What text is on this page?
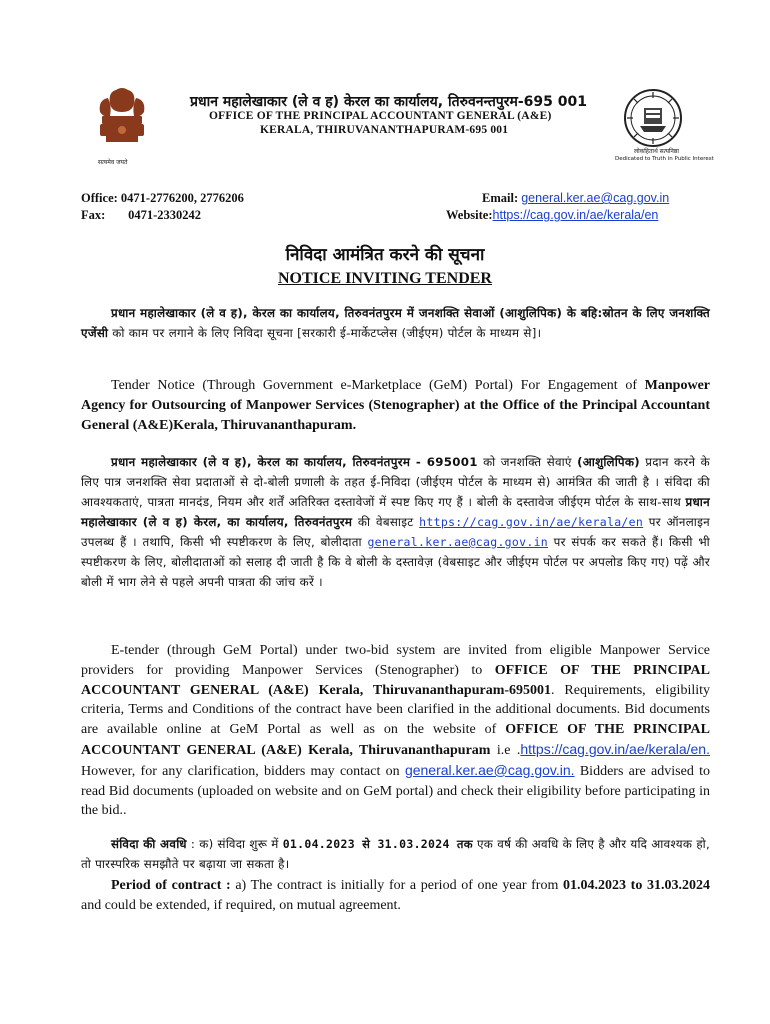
सत्यमेव जयते
लोकहितार्थ सत्यनिष्ठा
Dedicated to Truth in Public Interest
प्रधान महालेखाकार (ले व ह) केरल का कार्यालय, तिरुवनन्तपुरम-695 001
OFFICE OF THE PRINCIPAL ACCOUNTANT GENERAL (A&E)
KERALA, THIRUVANANTHAPURAM-695 001
Office: 0471-2776200, 2776206
Fax: 0471-2330242
Email: general.ker.ae@cag.gov.in
Website:https://cag.gov.in/ae/kerala/en
निविदा आमंत्रित करने की सूचना
NOTICE INVITING TENDER
प्रधान महालेखाकार (ले व ह), केरल का कार्यालय, तिरुवनंतपुरम में जनशक्ति सेवाओं (आशुलिपिक) के बहि:स्रोतन के लिए जनशक्ति एजेंसी को काम पर लगाने के लिए निविदा सूचना [सरकारी ई-मार्केटप्लेस (जीईएम) पोर्टल के माध्यम से]।
Tender Notice (Through Government e-Marketplace (GeM) Portal) For Engagement of Manpower Agency for Outsourcing of Manpower Services (Stenographer) at the Office of the Principal Accountant General (A&E)Kerala, Thiruvananthapuram.
प्रधान महालेखाकार (ले व ह), केरल का कार्यालय, तिरुवनंतपुरम - 695001 को जनशक्ति सेवाएं (आशुलिपिक) प्रदान करने के लिए पात्र जनशक्ति सेवा प्रदाताओं से दो-बोली प्रणाली के तहत ई-निविदा (जीईएम पोर्टल के माध्यम से) आमंत्रित की जाती है । संविदा की आवश्यकताएं, पात्रता मानदंड, नियम और शर्तें अतिरिक्त दस्तावेजों में स्पष्ट किए गए हैं । बोली के दस्तावेज जीईएम पोर्टल के साथ-साथ प्रधान महालेखाकार (ले व ह) केरल, का कार्यालय, तिरुवनंतपुरम की वेबसाइट https://cag.gov.in/ae/kerala/en पर ऑनलाइन उपलब्ध हैं । तथापि, किसी भी स्पष्टीकरण के लिए, बोलीदाता general.ker.ae@cag.gov.in पर संपर्क कर सकते हैं। किसी भी स्पष्टीकरण के लिए, बोलीदाताओं को सलाह दी जाती है कि वे बोली के दस्तावेज़ (वेबसाइट और जीईएम पोर्टल पर अपलोड किए गए) पढ़ें और बोली में भाग लेने से पहले अपनी पात्रता की जांच करें ।
E-tender (through GeM Portal) under two-bid system are invited from eligible Manpower Service providers for providing Manpower Services (Stenographer) to OFFICE OF THE PRINCIPAL ACCOUNTANT GENERAL (A&E) Kerala, Thiruvananthapuram-695001. Requirements, eligibility criteria, Terms and Conditions of the contract have been clarified in the additional documents. Bid documents are available online at GeM Portal as well as on the website of OFFICE OF THE PRINCIPAL ACCOUNTANT GENERAL (A&E) Kerala, Thiruvananthapuram i.e .https://cag.gov.in/ae/kerala/en. However, for any clarification, bidders may contact on general.ker.ae@cag.gov.in. Bidders are advised to read Bid documents (uploaded on website and on GeM portal) and check their eligibility before participating in the bid..
संविदा की अवधि : क) संविदा शुरू में 01.04.2023 से 31.03.2024 तक एक वर्ष की अवधि के लिए है और यदि आवश्यक हो, तो पारस्परिक समझौते पर बढ़ाया जा सकता है।
Period of contract : a) The contract is initially for a period of one year from 01.04.2023 to 31.03.2024 and could be extended, if required, on mutual agreement.
